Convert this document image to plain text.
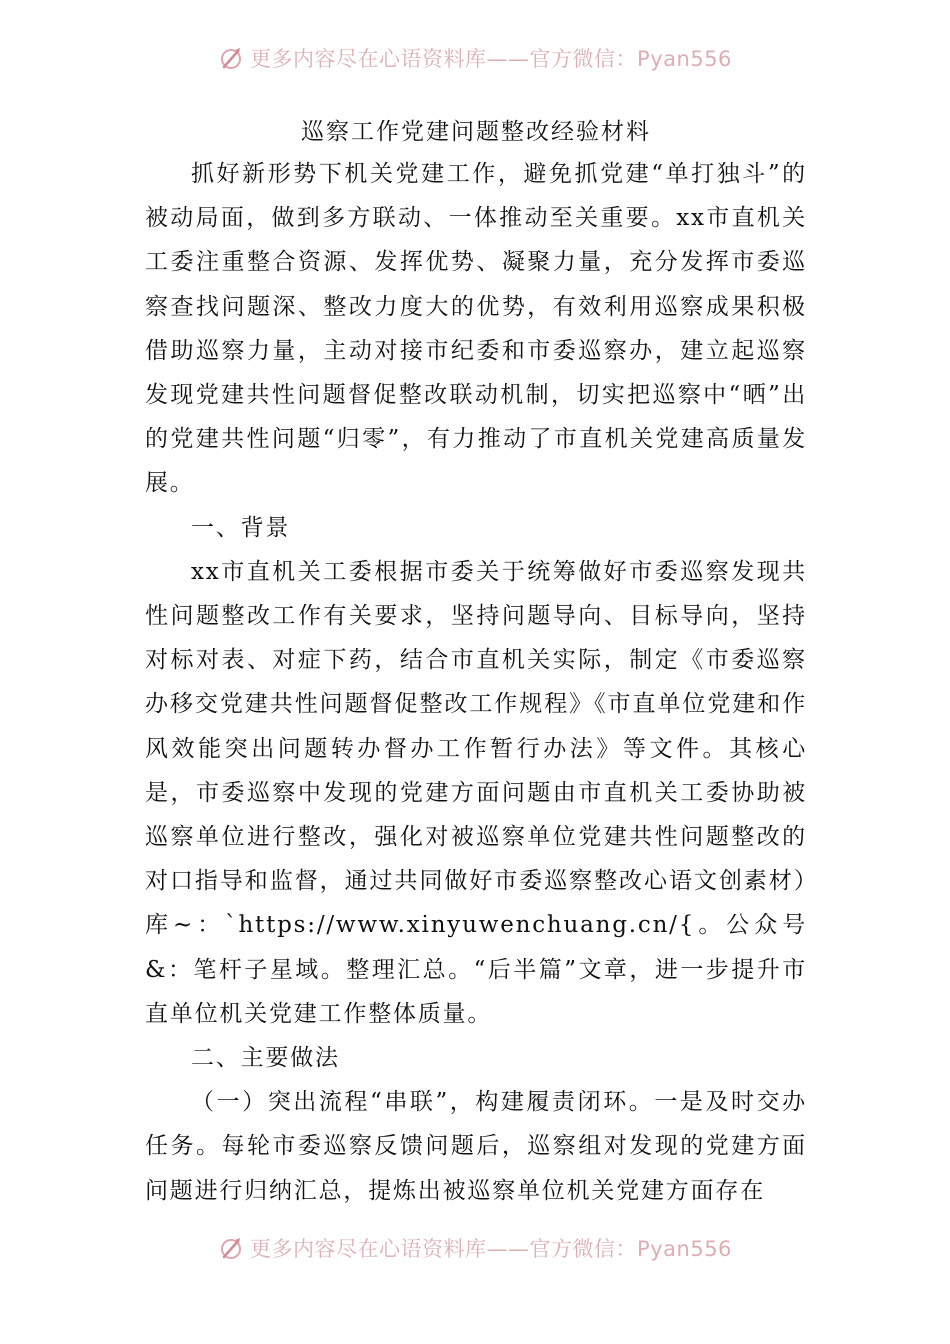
更多内容尽在心语资料库——官方微信：Pyan556
巡察工作党建问题整改经验材料

抓好新形势下机关党建工作，避免抓党建“单打独斗”的被动局面，做到多方联动、一体推动至关重要。xx市直机关工委注重整合资源、发挥优势、凝聚力量，充分发挥市委巡察查找问题深、整改力度大的优势，有效利用巡察成果积极借助巡察力量，主动对接市纪委和市委巡察办，建立起巡察发现党建共性问题督促整改联动机制，切实把巡察中“晒”出的党建共性问题“归零”，有力推动了市直机关党建高质量发展。

一、背景

xx市直机关工委根据市委关于统筹做好市委巡察发现共性问题整改工作有关要求，坚持问题导向、目标导向，坚持对标对表、对症下药，结合市直机关实际，制定《市委巡察办移交党建共性问题督促整改工作规程》《市直单位党建和作风效能突出问题转办督办工作暂行办法》等文件。其核心是，市委巡察中发现的党建方面问题由市直机关工委协助被巡察单位进行整改，强化对被巡察单位党建共性问题整改的对口指导和监督，通过共同做好市委巡察整改心语文创素材）库~：`https://www.xinyuwenchuang.cn/{。公众号&：笔杆子星域。整理汇总。“后半篇”文章，进一步提升市直单位机关党建工作整体质量。

二、主要做法

（一）突出流程“串联”，构建履责闭环。一是及时交办任务。每轮市委巡察反馈问题后，巡察组对发现的党建方面问题进行归纳汇总，提炼出被巡察单位机关党建方面存在

更多内容尽在心语资料库——官方微信：Pyan556
